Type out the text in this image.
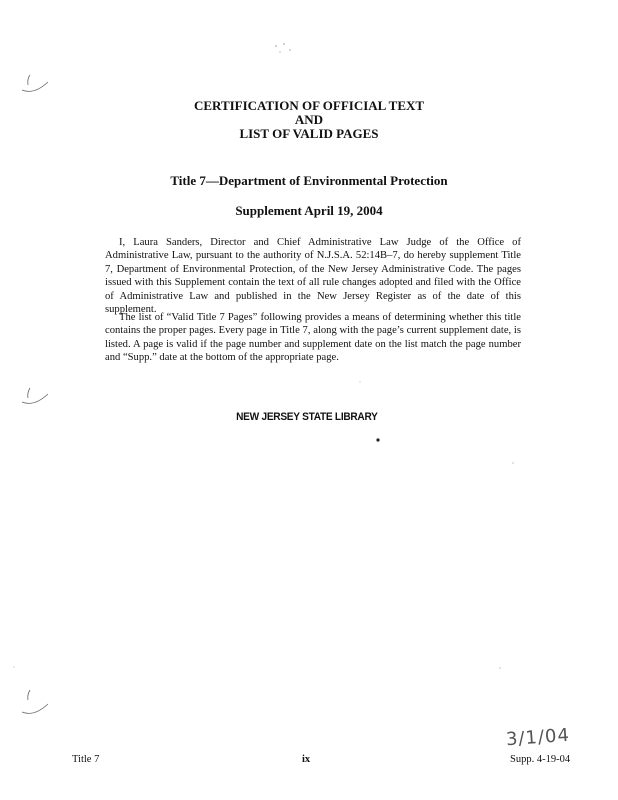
CERTIFICATION OF OFFICIAL TEXT
AND
LIST OF VALID PAGES
Title 7—Department of Environmental Protection
Supplement April 19, 2004
I, Laura Sanders, Director and Chief Administrative Law Judge of the Office of Administrative Law, pursuant to the authority of N.J.S.A. 52:14B–7, do hereby supplement Title 7, Department of Environmental Protection, of the New Jersey Administrative Code. The pages issued with this Supplement contain the text of all rule changes adopted and filed with the Office of Administrative Law and published in the New Jersey Register as of the date of this supplement.
The list of “Valid Title 7 Pages” following provides a means of determining whether this title contains the proper pages. Every page in Title 7, along with the page’s current supplement date, is listed. A page is valid if the page number and supplement date on the list match the page number and “Supp.” date at the bottom of the appropriate page.
NEW JERSEY STATE LIBRARY
3/1/04
Title 7	ix	Supp. 4-19-04
